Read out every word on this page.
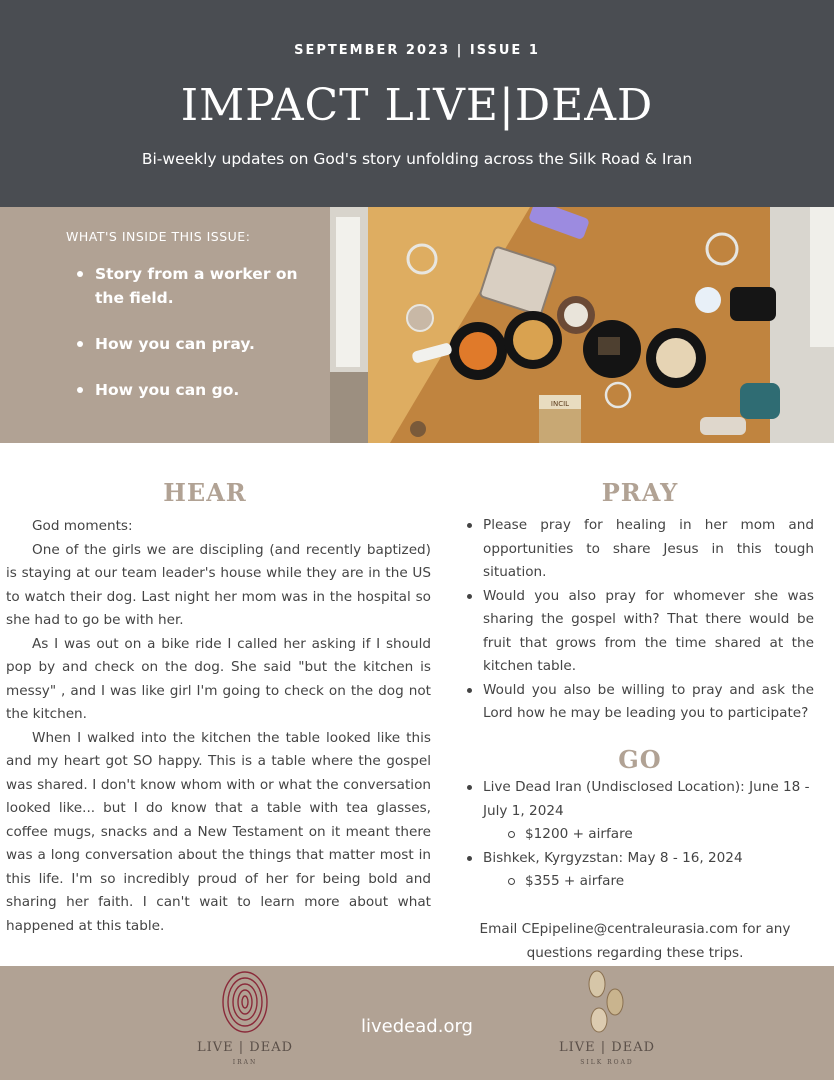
SEPTEMBER 2023 | ISSUE 1
IMPACT LIVE|DEAD
Bi-weekly updates on God's story unfolding across the Silk Road & Iran
WHAT'S INSIDE THIS ISSUE:
Story from a worker on the field.
How you can pray.
How you can go.
INCIL
HEAR

God moments:

One of the girls we are discipling (and recently baptized) is staying at our team leader's house while they are in the US to watch their dog. Last night her mom was in the hospital so she had to go be with her.

As I was out on a bike ride I called her asking if I should pop by and check on the dog. She said "but the kitchen is messy" , and I was like girl I'm going to check on the dog not the kitchen.

When I walked into the kitchen the table looked like this and my heart got SO happy. This is a table where the gospel was shared. I don't know whom with or what the conversation looked like... but I do know that a table with tea glasses, coffee mugs, snacks and a New Testament on it meant there was a long conversation about the things that matter most in this life. I'm so incredibly proud of her for being bold and sharing her faith. I can't wait to learn more about what happened at this table.

PRAY
Please pray for healing in her mom and opportunities to share Jesus in this tough situation.
Would you also pray for whomever she was sharing the gospel with? That there would be fruit that grows from the time shared at the kitchen table.
Would you also be willing to pray and ask the Lord how he may be leading you to participate?
GO
Live Dead Iran (Undisclosed Location): June 18 - July 1, 2024
$1200 + airfare
Bishkek, Kyrgyzstan: May 8 - 16, 2024
$355 + airfare
Email CEpipeline@centraleurasia.com for any questions regarding these trips.
LIVE | DEAD
IRAN
livedead.org
LIVE | DEAD
SILK ROAD
